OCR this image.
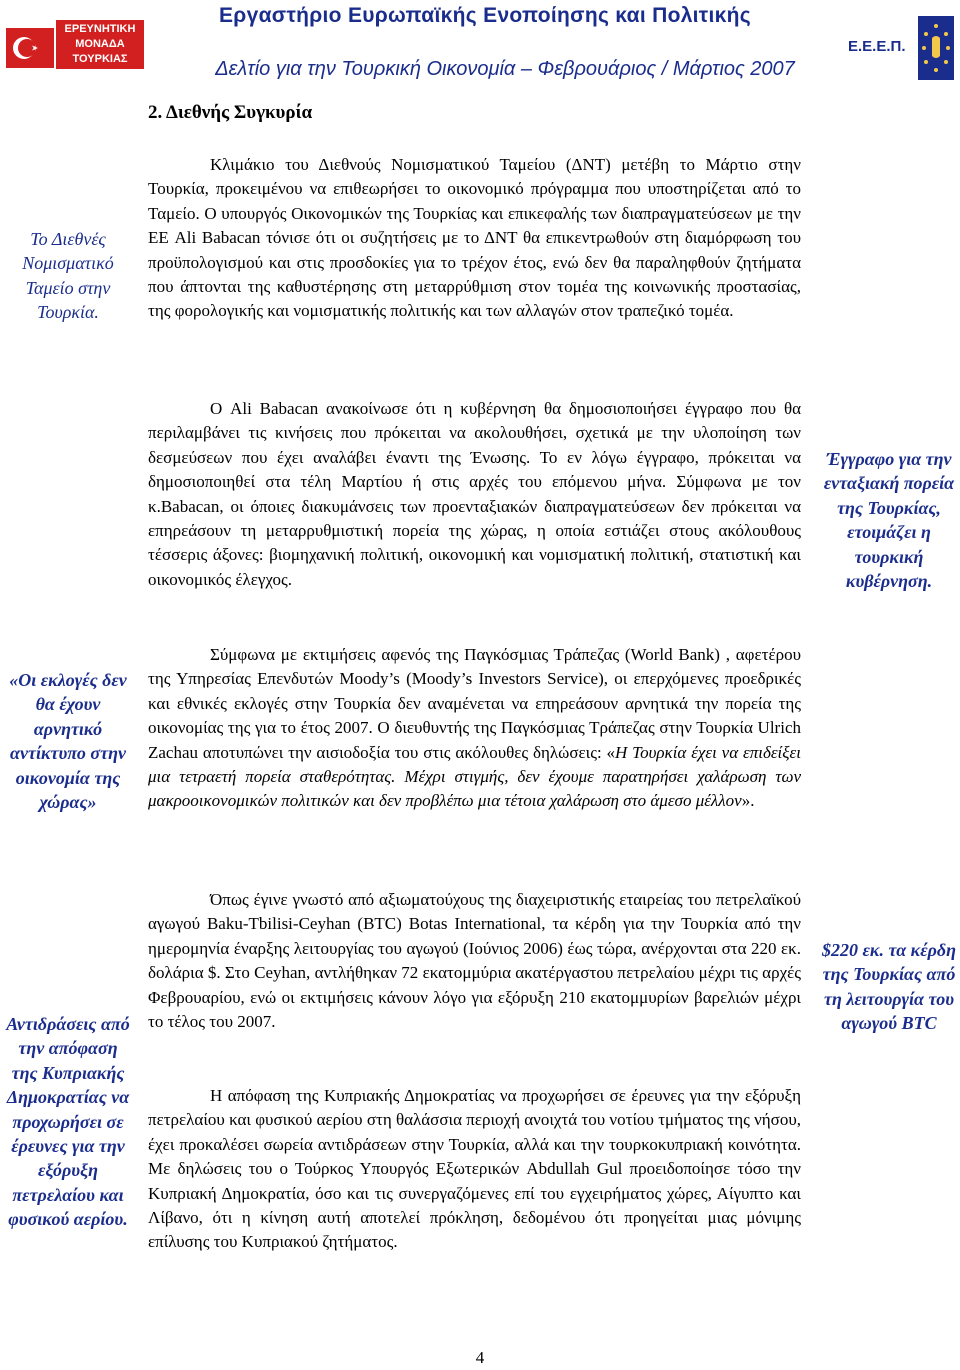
ΕΡΕΥΝΗΤΙΚΗ ΜΟΝΑΔΑ ΤΟΥΡΚΙΑΣ
Εργαστήριο Ευρωπαϊκής Ενοποίησης και Πολιτικής
Δελτίο για την Τουρκική Οικονομία – Φεβρουάριος / Μάρτιος 2007
Ε.Ε.Ε.Π.
2. Διεθνής Συγκυρία
Το Διεθνές Νομισματικό Ταμείο στην Τουρκία.
«Οι εκλογές δεν θα έχουν αρνητικό αντίκτυπο στην οικονομία της χώρας»
Αντιδράσεις από την απόφαση της Κυπριακής Δημοκρατίας να προχωρήσει σε έρευνες για την εξόρυξη πετρελαίου και φυσικού αερίου.
Έγγραφο για την ενταξιακή πορεία της Τουρκίας, ετοιμάζει η τουρκική κυβέρνηση.
$220 εκ. τα κέρδη της Τουρκίας από τη λειτουργία του αγωγού BTC

Κλιμάκιο του Διεθνούς Νομισματικού Ταμείου (ΔΝΤ) μετέβη το Μάρτιο στην Τουρκία, προκειμένου να επιθεωρήσει το οικονομικό πρόγραμμα που υποστηρίζεται από το Ταμείο. Ο υπουργός Οικονομικών της Τουρκίας και επικεφαλής των διαπραγματεύσεων με την ΕΕ Ali Babacan τόνισε ότι οι συζητήσεις με το ΔΝΤ θα επικεντρωθούν στη διαμόρφωση του προϋπολογισμού και στις προσδοκίες για το τρέχον έτος, ενώ δεν θα παραληφθούν ζητήματα που άπτονται της καθυστέρησης στη μεταρρύθμιση στον τομέα της κοινωνικής προστασίας, της φορολογικής και νομισματικής πολιτικής και των αλλαγών στον τραπεζικό τομέα.

Ο Ali Babacan ανακοίνωσε ότι η κυβέρνηση θα δημοσιοποιήσει έγγραφο που θα περιλαμβάνει τις κινήσεις που πρόκειται να ακολουθήσει, σχετικά με την υλοποίηση των δεσμεύσεων που έχει αναλάβει έναντι της Ένωσης. Το εν λόγω έγγραφο, πρόκειται να δημοσιοποιηθεί στα τέλη Μαρτίου ή στις αρχές του επόμενου μήνα. Σύμφωνα με τον κ.Babacan, οι όποιες διακυμάνσεις των προενταξιακών διαπραγματεύσεων δεν πρόκειται να επηρεάσουν τη μεταρρυθμιστική πορεία της χώρας, η οποία εστιάζει στους ακόλουθους τέσσερις άξονες: βιομηχανική πολιτική, οικονομική και νομισματική πολιτική, στατιστική και οικονομικός έλεγχος.

Σύμφωνα με εκτιμήσεις αφενός της Παγκόσμιας Τράπεζας (World Bank) , αφετέρου της Υπηρεσίας Επενδυτών Moody’s (Moody’s Investors Service), οι επερχόμενες προεδρικές και εθνικές εκλογές στην Τουρκία δεν αναμένεται να επηρεάσουν αρνητικά την πορεία της οικονομίας της για το έτος 2007. Ο διευθυντής της Παγκόσμιας Τράπεζας στην Τουρκία Ulrich Zachau αποτυπώνει την αισιοδοξία του στις ακόλουθες δηλώσεις: «Η Τουρκία έχει να επιδείξει μια τετραετή πορεία σταθερότητας. Μέχρι στιγμής, δεν έχουμε παρατηρήσει χαλάρωση των μακροοικονομικών πολιτικών και δεν προβλέπω μια τέτοια χαλάρωση στο άμεσο μέλλον».

Όπως έγινε γνωστό από αξιωματούχους της διαχειριστικής εταιρείας του πετρελαϊκού αγωγού Baku-Tbilisi-Ceyhan (BTC) Botas International, τα κέρδη για την Τουρκία από την ημερομηνία έναρξης λειτουργίας του αγωγού (Ιούνιος 2006) έως τώρα, ανέρχονται στα 220 εκ. δολάρια $. Στο Ceyhan, αντλήθηκαν 72 εκατομμύρια ακατέργαστου πετρελαίου μέχρι τις αρχές Φεβρουαρίου, ενώ οι εκτιμήσεις κάνουν λόγο για εξόρυξη 210 εκατομμυρίων βαρελιών μέχρι το τέλος του 2007.

Η απόφαση της Κυπριακής Δημοκρατίας να προχωρήσει σε έρευνες για την εξόρυξη πετρελαίου και φυσικού αερίου στη θαλάσσια περιοχή ανοιχτά του νοτίου τμήματος της νήσου, έχει προκαλέσει σωρεία αντιδράσεων στην Τουρκία, αλλά και την τουρκοκυπριακή κοινότητα. Με δηλώσεις του ο Τούρκος Υπουργός Εξωτερικών Abdullah Gul προειδοποίησε τόσο την Κυπριακή Δημοκρατία, όσο και τις συνεργαζόμενες επί του εγχειρήματος χώρες, Αίγυπτο και Λίβανο, ότι η κίνηση αυτή αποτελεί πρόκληση, δεδομένου ότι προηγείται μιας μόνιμης επίλυσης του Κυπριακού ζητήματος.

4
